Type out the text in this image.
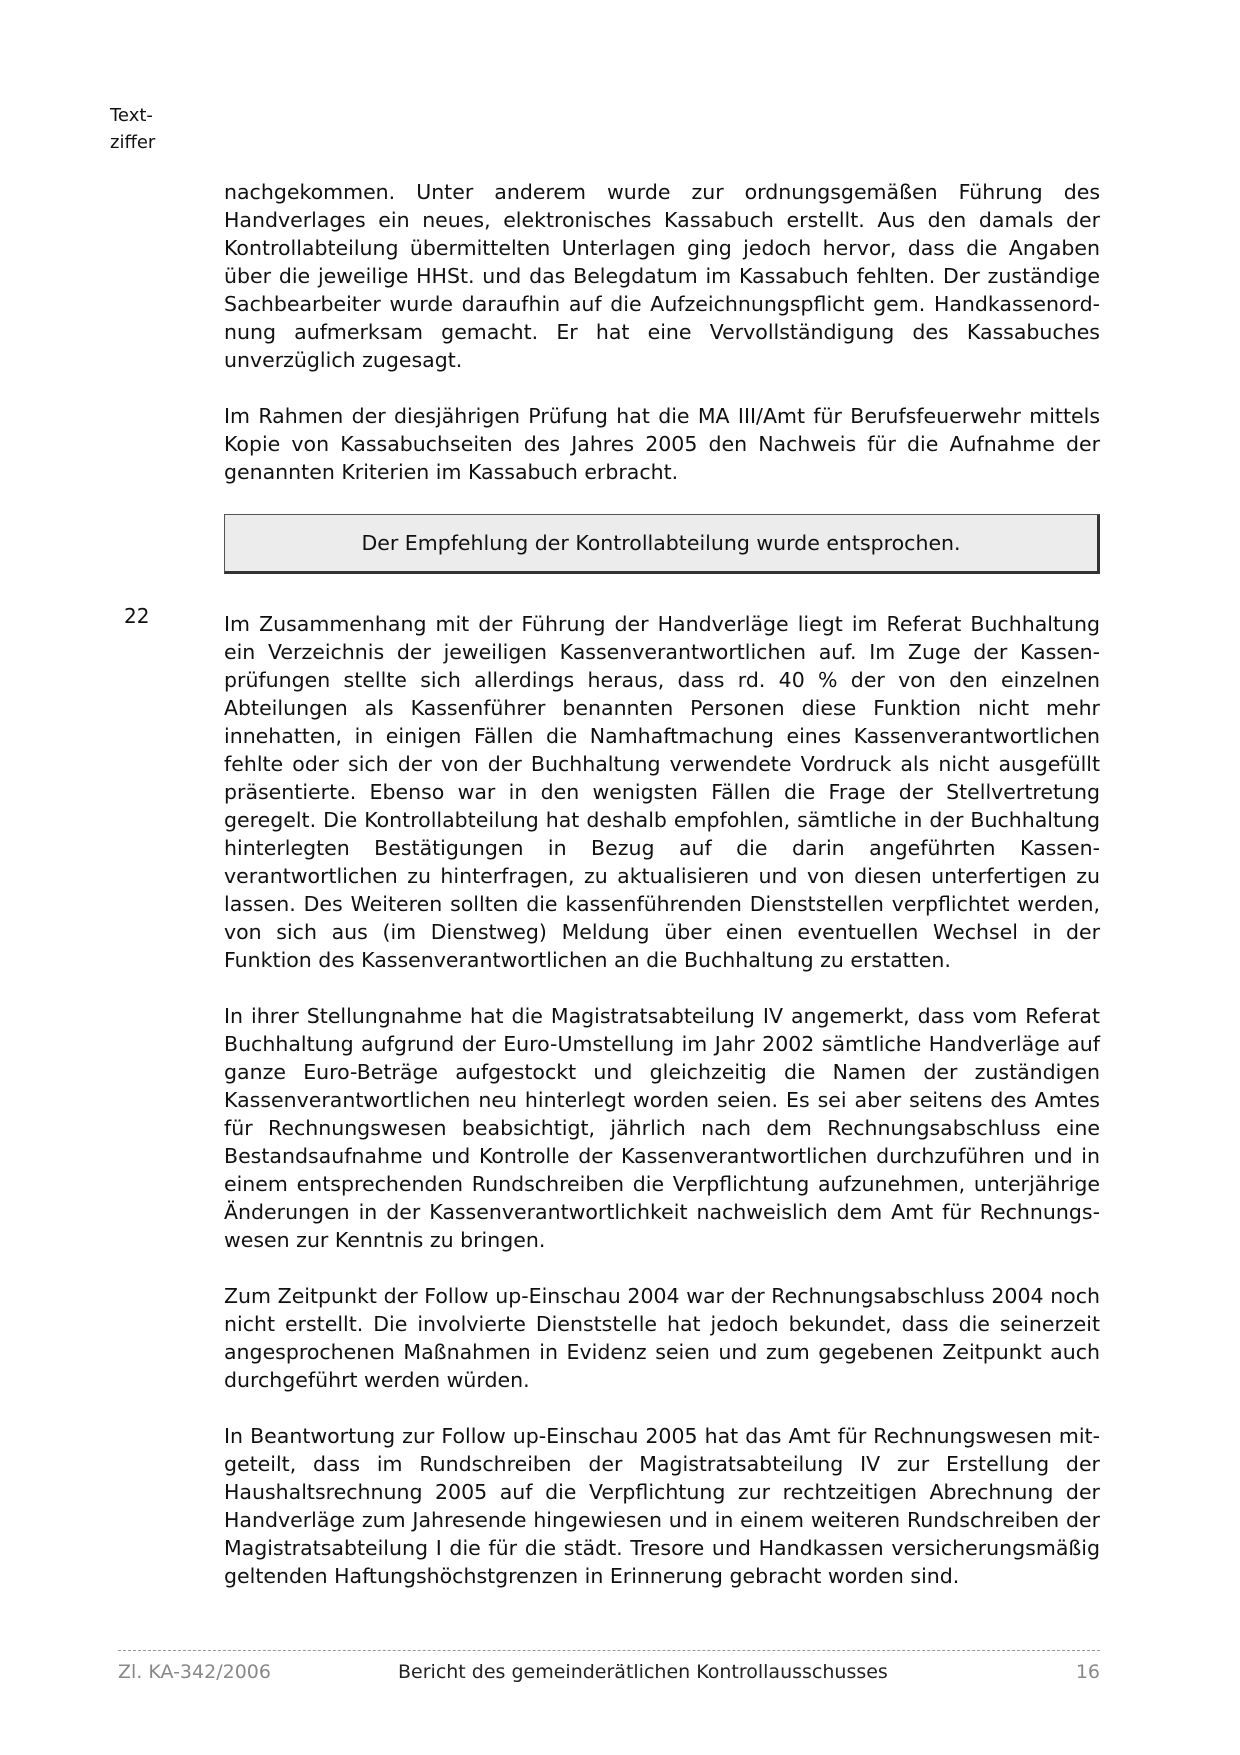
Text-
ziffer
22

nachgekommen. Unter anderem wurde zur ordnungsgemäßen Führung des Handverlages ein neues, elektronisches Kassabuch erstellt. Aus den damals der Kontrollabteilung übermittelten Unterlagen ging jedoch hervor, dass die Angaben über die jeweilige HHSt. und das Belegdatum im Kassabuch fehlten. Der zuständige Sachbearbeiter wurde daraufhin auf die Aufzeichnungspflicht gem. Handkassenordnung aufmerksam gemacht. Er hat eine Vervollständigung des Kassabuches unverzüglich zugesagt.

Im Rahmen der diesjährigen Prüfung hat die MA III/Amt für Berufsfeuerwehr mittels Kopie von Kassabuchseiten des Jahres 2005 den Nachweis für die Aufnahme der genannten Kriterien im Kassabuch erbracht.

Der Empfehlung der Kontrollabteilung wurde entsprochen.

Im Zusammenhang mit der Führung der Handverläge liegt im Referat Buchhaltung ein Verzeichnis der jeweiligen Kassenverantwortlichen auf. Im Zuge der Kassenprüfungen stellte sich allerdings heraus, dass rd. 40 % der von den einzelnen Abteilungen als Kassenführer benannten Personen diese Funktion nicht mehr innehatten, in einigen Fällen die Namhaftmachung eines Kassenverantwortlichen fehlte oder sich der von der Buchhaltung verwendete Vordruck als nicht ausgefüllt präsentierte. Ebenso war in den wenigsten Fällen die Frage der Stellvertretung geregelt. Die Kontrollabteilung hat deshalb empfohlen, sämtliche in der Buchhaltung hinterlegten Bestätigungen in Bezug auf die darin angeführten Kassenverantwortlichen zu hinterfragen, zu aktualisieren und von diesen unterfertigen zu lassen. Des Weiteren sollten die kassenführenden Dienststellen verpflichtet werden, von sich aus (im Dienstweg) Meldung über einen eventuellen Wechsel in der Funktion des Kassenverantwortlichen an die Buchhaltung zu erstatten.

In ihrer Stellungnahme hat die Magistratsabteilung IV angemerkt, dass vom Referat Buchhaltung aufgrund der Euro-Umstellung im Jahr 2002 sämtliche Handverläge auf ganze Euro-Beträge aufgestockt und gleichzeitig die Namen der zuständigen Kassenverantwortlichen neu hinterlegt worden seien. Es sei aber seitens des Amtes für Rechnungswesen beabsichtigt, jährlich nach dem Rechnungsabschluss eine Bestandsaufnahme und Kontrolle der Kassenverantwortlichen durchzuführen und in einem entsprechenden Rundschreiben die Verpflichtung aufzunehmen, unterjährige Änderungen in der Kassenverantwortlichkeit nachweislich dem Amt für Rechnungswesen zur Kenntnis zu bringen.

Zum Zeitpunkt der Follow up-Einschau 2004 war der Rechnungsabschluss 2004 noch nicht erstellt. Die involvierte Dienststelle hat jedoch bekundet, dass die seinerzeit angesprochenen Maßnahmen in Evidenz seien und zum gegebenen Zeitpunkt auch durchgeführt werden würden.

In Beantwortung zur Follow up-Einschau 2005 hat das Amt für Rechnungswesen mitgeteilt, dass im Rundschreiben der Magistratsabteilung IV zur Erstellung der Haushaltsrechnung 2005 auf die Verpflichtung zur rechtzeitigen Abrechnung der Handverläge zum Jahresende hingewiesen und in einem weiteren Rundschreiben der Magistratsabteilung I die für die städt. Tresore und Handkassen versicherungsmäßig geltenden Haftungshöchstgrenzen in Erinnerung gebracht worden sind.

Zl. KA-342/2006	Bericht des gemeinderätlichen Kontrollausschusses	16
